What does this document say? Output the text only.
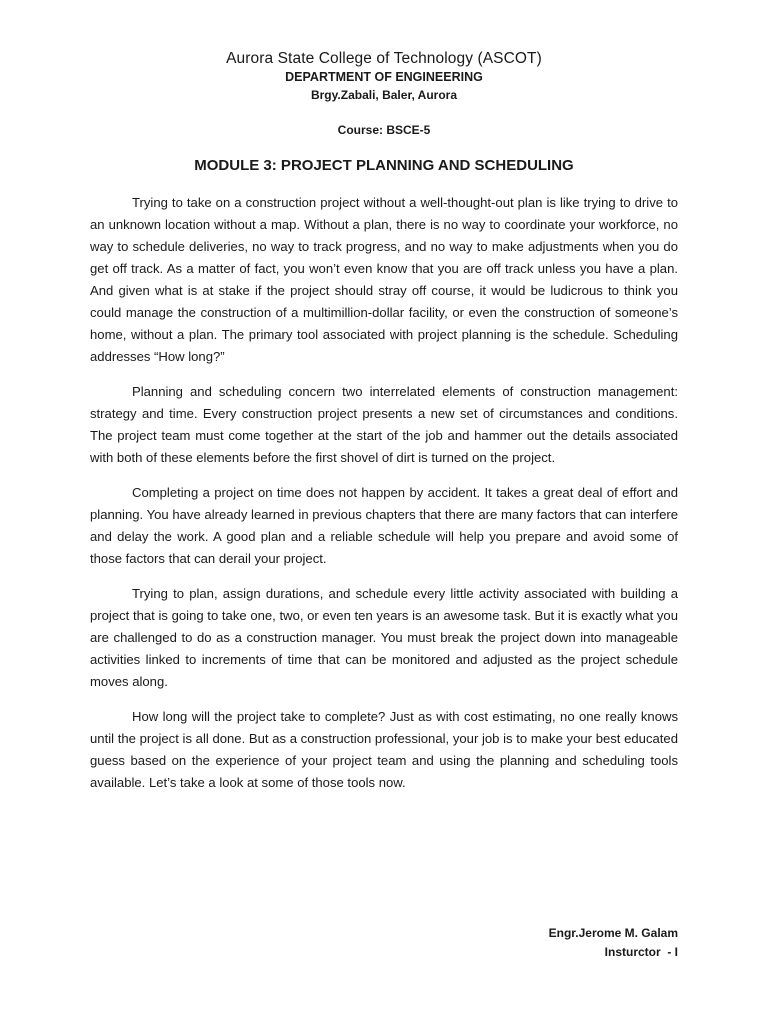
Aurora State College of Technology (ASCOT)
DEPARTMENT OF ENGINEERING
Brgy.Zabali, Baler, Aurora
Course: BSCE-5
MODULE 3: PROJECT PLANNING AND SCHEDULING

Trying to take on a construction project without a well-thought-out plan is like trying to drive to an unknown location without a map. Without a plan, there is no way to coordinate your workforce, no way to schedule deliveries, no way to track progress, and no way to make adjustments when you do get off track. As a matter of fact, you won’t even know that you are off track unless you have a plan. And given what is at stake if the project should stray off course, it would be ludicrous to think you could manage the construction of a multimillion-dollar facility, or even the construction of someone’s home, without a plan. The primary tool associated with project planning is the schedule. Scheduling addresses “How long?”

Planning and scheduling concern two interrelated elements of construction management: strategy and time. Every construction project presents a new set of circumstances and conditions. The project team must come together at the start of the job and hammer out the details associated with both of these elements before the first shovel of dirt is turned on the project.

Completing a project on time does not happen by accident. It takes a great deal of effort and planning. You have already learned in previous chapters that there are many factors that can interfere and delay the work. A good plan and a reliable schedule will help you prepare and avoid some of those factors that can derail your project.

Trying to plan, assign durations, and schedule every little activity associated with building a project that is going to take one, two, or even ten years is an awesome task. But it is exactly what you are challenged to do as a construction manager. You must break the project down into manageable activities linked to increments of time that can be monitored and adjusted as the project schedule moves along.

How long will the project take to complete? Just as with cost estimating, no one really knows until the project is all done. But as a construction professional, your job is to make your best educated guess based on the experience of your project team and using the planning and scheduling tools available. Let’s take a look at some of those tools now.

Engr.Jerome M. Galam
Insturctor  - I
